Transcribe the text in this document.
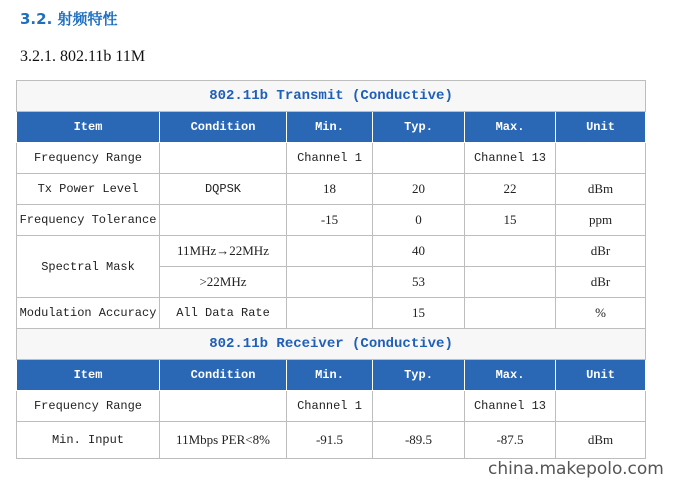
3.2. 射频特性
3.2.1. 802.11b 11M
802.11b Transmit (Conductive)					
Item	Condition	Min.	Typ.	Max.	Unit
Frequency Range		Channel 1		Channel 13	
Tx Power Level	DQPSK	18	20	22	dBm
Frequency Tolerance		-15	0	15	ppm
Spectral Mask	11MHz→22MHz		40		dBr
	>22MHz		53		dBr
Modulation Accuracy	All Data Rate		15		%
802.11b Receiver (Conductive)					
Item	Condition	Min.	Typ.	Max.	Unit
Frequency Range		Channel 1		Channel 13	
Min. Input	11Mbps PER<8%	-91.5	-89.5	-87.5	dBm
china.makepolo.com
